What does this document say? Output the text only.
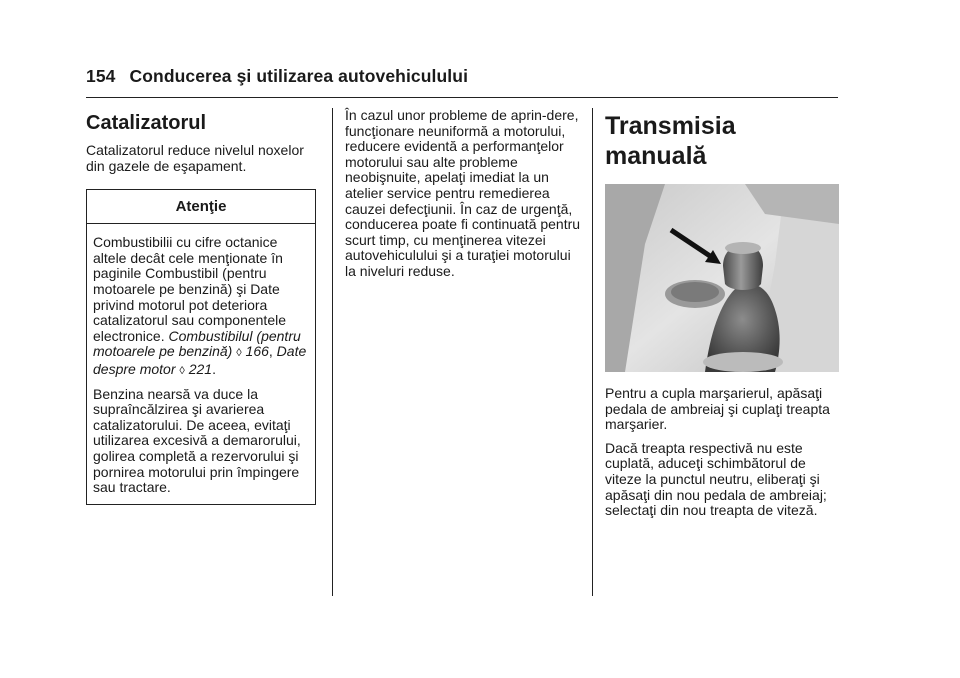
154 Conducerea şi utilizarea autovehiculului
Catalizatorul

Catalizatorul reduce nivelul noxelor din gazele de eşapament.

Atenţie

Combustibilii cu cifre octanice altele decât cele menţionate în paginile Combustibil (pentru motoarele pe benzină) şi Date privind motorul pot deteriora catalizatorul sau componentele electronice. Combustibilul (pentru motoarele pe benzină) ◊ 166, Date despre motor ◊ 221.

Benzina nearsă va duce la supraîncălzirea şi avarierea catalizatorului. De aceea, evitaţi utilizarea excesivă a demarorului, golirea completă a rezervorului şi pornirea motorului prin împingere sau tractare.

În cazul unor probleme de aprin-dere, funcţionare neuniformă a motorului, reducere evidentă a performanţelor motorului sau alte probleme neobişnuite, apelaţi imediat la un atelier service pentru remedierea cauzei defecţiunii. În caz de urgenţă, conducerea poate fi continuată pentru scurt timp, cu menţinerea vitezei autovehiculului şi a turaţiei motorului la niveluri reduse.

Transmisia manuală

Pentru a cupla marşarierul, apăsaţi pedala de ambreiaj şi cuplaţi treapta marşarier.

Dacă treapta respectivă nu este cuplată, aduceţi schimbătorul de viteze la punctul neutru, eliberaţi şi apăsaţi din nou pedala de ambreiaj; selectaţi din nou treapta de viteză.
